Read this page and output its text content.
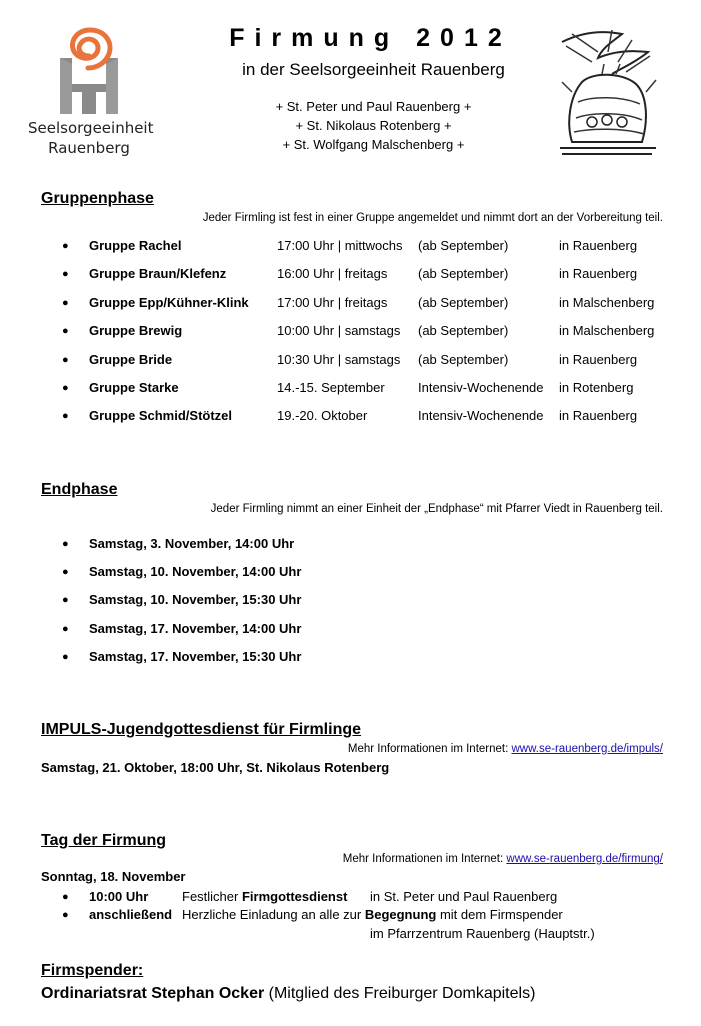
Seelsorgeeinheit
Rauenberg
Firmung 2012
in der Seelsorgeeinheit Rauenberg
+ St. Peter und Paul Rauenberg +
+ St. Nikolaus Rotenberg +
+ St. Wolfgang Malschenberg +
Gruppenphase
Jeder Firmling ist fest in einer Gruppe angemeldet und nimmt dort an der Vorbereitung teil.
● Gruppe Rachel	17:00 Uhr | mittwochs (ab September)	in Rauenberg
● Gruppe Braun/Klefenz	16:00 Uhr | freitags (ab September)	in Rauenberg
● Gruppe Epp/Kühner-Klink 17:00 Uhr | freitags (ab September)	in Malschenberg
● Gruppe Brewig	10:00 Uhr | samstags (ab September)	in Malschenberg
● Gruppe Bride	10:30 Uhr | samstags (ab September)	in Rauenberg
● Gruppe Starke	14.-15. September	Intensiv-Wochenende in Rotenberg
● Gruppe Schmid/Stötzel	19.-20. Oktober	Intensiv-Wochenende in Rauenberg
Endphase
Jeder Firmling nimmt an einer Einheit der „Endphase“ mit Pfarrer Viedt in Rauenberg teil.
● Samstag, 3. November, 14:00 Uhr
● Samstag, 10. November, 14:00 Uhr
● Samstag, 10. November, 15:30 Uhr
● Samstag, 17. November, 14:00 Uhr
● Samstag, 17. November, 15:30 Uhr
IMPULS-Jugendgottesdienst für Firmlinge
Mehr Informationen im Internet: www.se-rauenberg.de/impuls/
Samstag, 21. Oktober, 18:00 Uhr, St. Nikolaus Rotenberg
Tag der Firmung
Mehr Informationen im Internet: www.se-rauenberg.de/firmung/
Sonntag, 18. November
● 10:00 Uhr	Festlicher Firmgottesdienst in St. Peter und Paul Rauenberg
● anschließend Herzliche Einladung an alle zur Begegnung mit dem Firmspender
im Pfarrzentrum Rauenberg (Hauptstr.)
Firmspender:
Ordinariatsrat Stephan Ocker (Mitglied des Freiburger Domkapitels)
